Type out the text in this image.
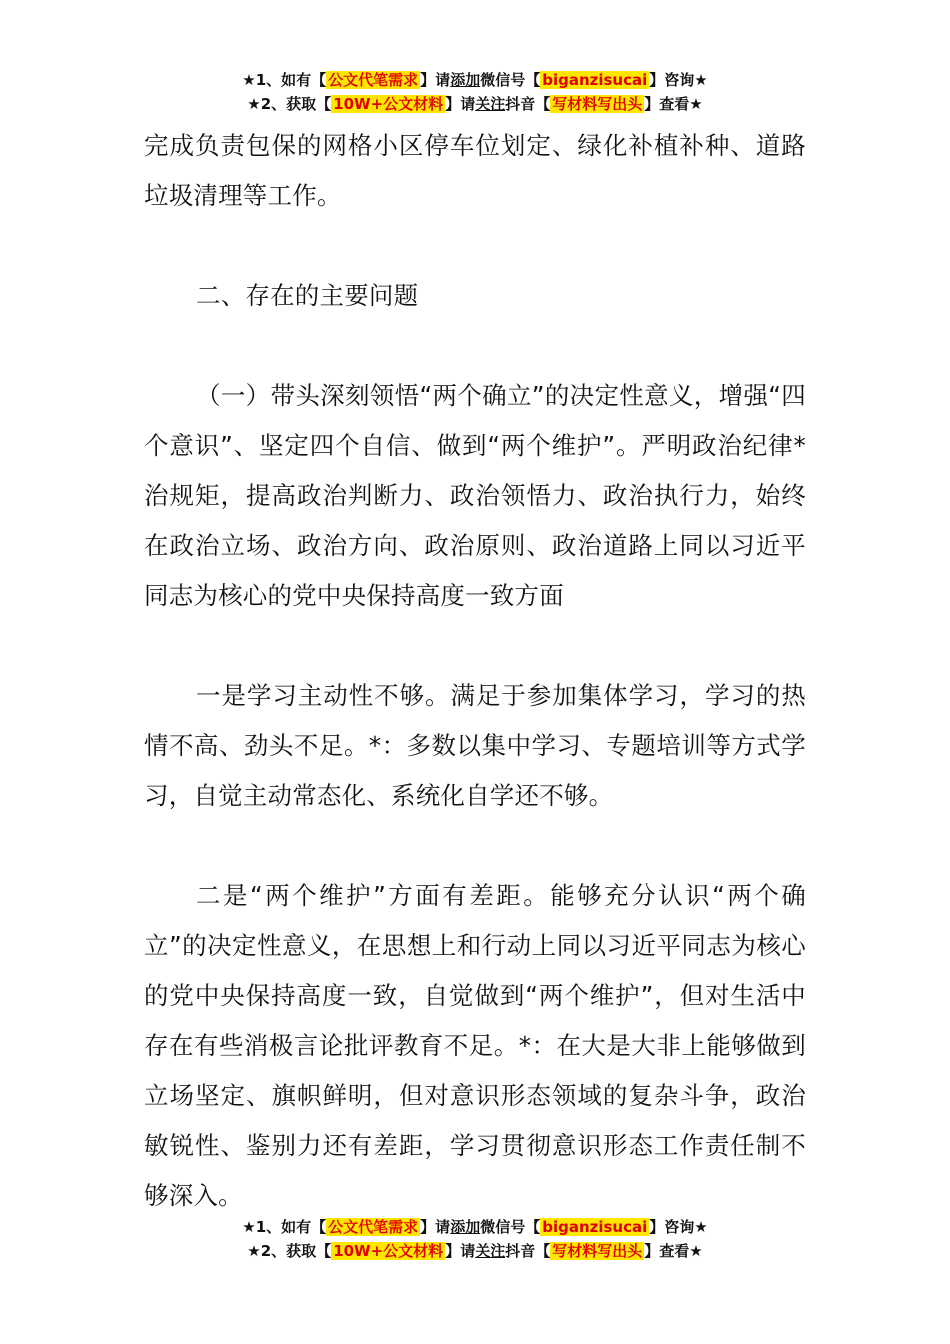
★1、如有【 公文代笔需求 】请添加微信号【 biganzisucai 】咨询★
★2、获取【 10W+公文材料 】请关注抖音【 写材料写出头 】查看★

完成负责包保的网格小区停车位划定、绿化补植补种、道路垃圾清理等工作。

二、存在的主要问题

（一）带头深刻领悟“两个确立”的决定性意义，增强“四个意识”、坚定四个自信、做到“两个维护”。严明政治纪律*治规矩，提高政治判断力、政治领悟力、政治执行力，始终在政治立场、政治方向、政治原则、政治道路上同以习近平同志为核心的党中央保持高度一致方面

一是学习主动性不够。满足于参加集体学习，学习的热情不高、劲头不足。*：多数以集中学习、专题培训等方式学习，自觉主动常态化、系统化自学还不够。

二是“两个维护”方面有差距。能够充分认识“两个确立”的决定性意义，在思想上和行动上同以习近平同志为核心的党中央保持高度一致，自觉做到“两个维护”，但对生活中存在有些消极言论批评教育不足。*：在大是大非上能够做到立场坚定、旗帜鲜明，但对意识形态领域的复杂斗争，政治敏锐性、鉴别力还有差距，学习贯彻意识形态工作责任制不够深入。

★1、如有【 公文代笔需求 】请添加微信号【 biganzisucai 】咨询★
★2、获取【 10W+公文材料 】请关注抖音【 写材料写出头 】查看★
